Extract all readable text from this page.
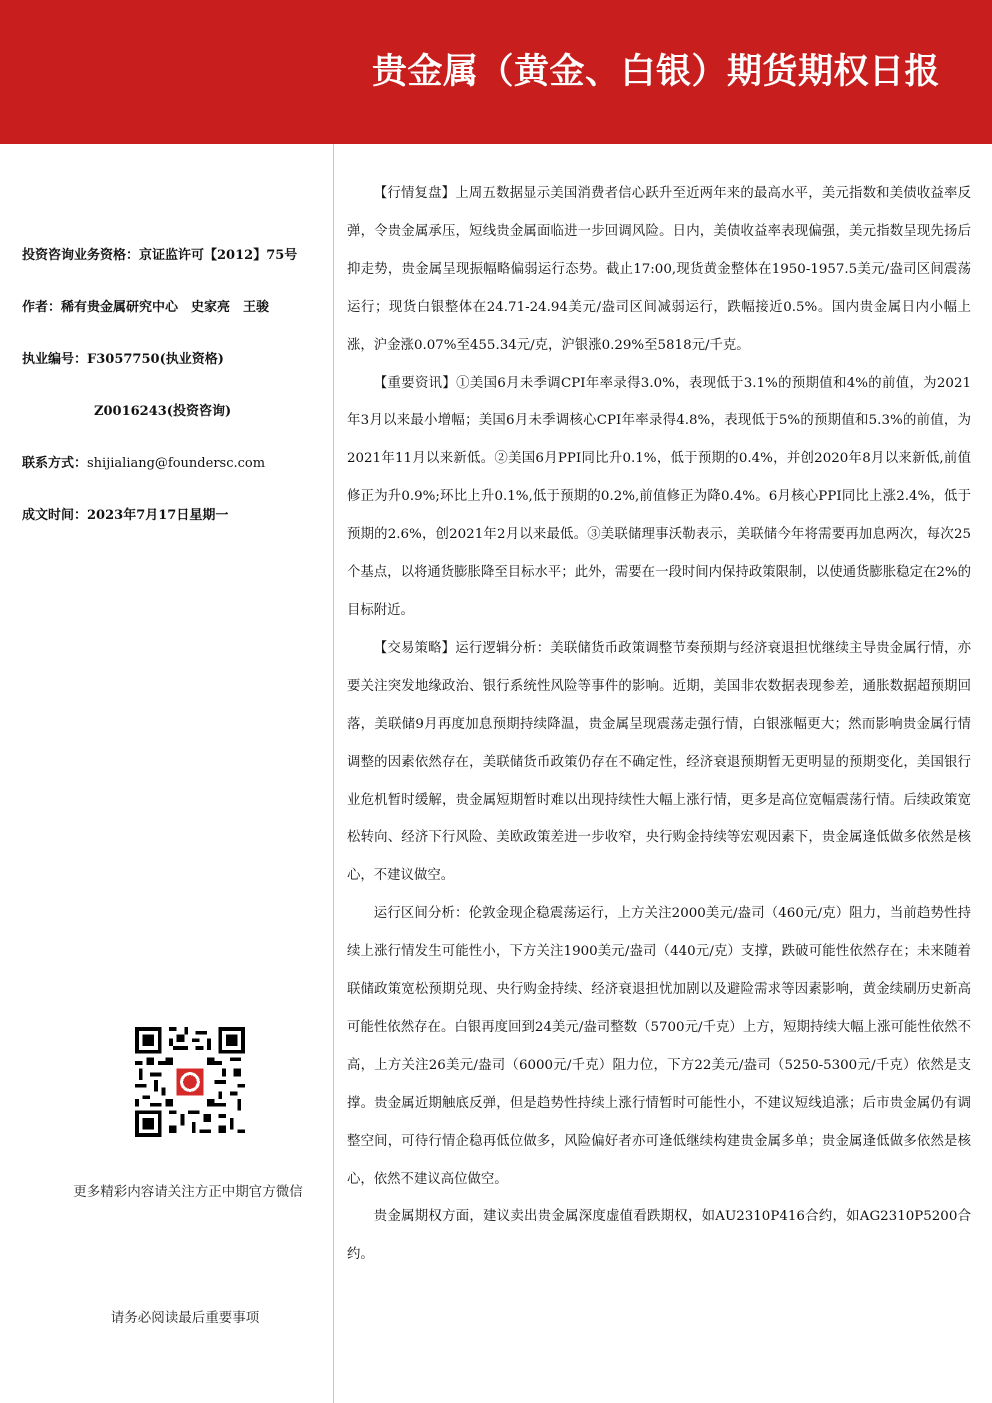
贵金属（黄金、白银）期货期权日报
投资咨询业务资格：京证监许可【2012】75号
作者：稀有贵金属研究中心　史家亮　王骏
执业编号：F3057750(执业资格)
Z0016243(投资咨询)
联系方式：shijialiang@foundersc.com
成文时间：2023年7月17日星期一
更多精彩内容请关注方正中期官方微信
请务必阅读最后重要事项

【行情复盘】上周五数据显示美国消费者信心跃升至近两年来的最高水平，美元指数和美债收益率反弹，令贵金属承压，短线贵金属面临进一步回调风险。日内，美债收益率表现偏强，美元指数呈现先扬后抑走势，贵金属呈现振幅略偏弱运行态势。截止17:00,现货黄金整体在1950-1957.5美元/盎司区间震荡运行；现货白银整体在24.71-24.94美元/盎司区间减弱运行，跌幅接近0.5%。国内贵金属日内小幅上涨，沪金涨0.07%至455.34元/克，沪银涨0.29%至5818元/千克。

【重要资讯】①美国6月未季调CPI年率录得3.0%，表现低于3.1%的预期值和4%的前值，为2021年3月以来最小增幅；美国6月未季调核心CPI年率录得4.8%，表现低于5%的预期值和5.3%的前值，为2021年11月以来新低。②美国6月PPI同比升0.1%，低于预期的0.4%，并创2020年8月以来新低,前值修正为升0.9%;环比上升0.1%,低于预期的0.2%,前值修正为降0.4%。6月核心PPI同比上涨2.4%，低于预期的2.6%，创2021年2月以来最低。③美联储理事沃勒表示，美联储今年将需要再加息两次，每次25个基点，以将通货膨胀降至目标水平；此外，需要在一段时间内保持政策限制，以使通货膨胀稳定在2%的目标附近。

【交易策略】运行逻辑分析：美联储货币政策调整节奏预期与经济衰退担忧继续主导贵金属行情，亦要关注突发地缘政治、银行系统性风险等事件的影响。近期，美国非农数据表现参差，通胀数据超预期回落，美联储9月再度加息预期持续降温，贵金属呈现震荡走强行情，白银涨幅更大；然而影响贵金属行情调整的因素依然存在，美联储货币政策仍存在不确定性，经济衰退预期暂无更明显的预期变化，美国银行业危机暂时缓解，贵金属短期暂时难以出现持续性大幅上涨行情，更多是高位宽幅震荡行情。后续政策宽松转向、经济下行风险、美欧政策差进一步收窄，央行购金持续等宏观因素下，贵金属逢低做多依然是核心，不建议做空。

运行区间分析：伦敦金现企稳震荡运行，上方关注2000美元/盎司（460元/克）阻力，当前趋势性持续上涨行情发生可能性小，下方关注1900美元/盎司（440元/克）支撑，跌破可能性依然存在；未来随着联储政策宽松预期兑现、央行购金持续、经济衰退担忧加剧以及避险需求等因素影响，黄金续刷历史新高可能性依然存在。白银再度回到24美元/盎司整数（5700元/千克）上方，短期持续大幅上涨可能性依然不高，上方关注26美元/盎司（6000元/千克）阻力位，下方22美元/盎司（5250-5300元/千克）依然是支撑。贵金属近期触底反弹，但是趋势性持续上涨行情暂时可能性小，不建议短线追涨；后市贵金属仍有调整空间，可待行情企稳再低位做多，风险偏好者亦可逢低继续构建贵金属多单；贵金属逢低做多依然是核心，依然不建议高位做空。

贵金属期权方面，建议卖出贵金属深度虚值看跌期权，如AU2310P416合约，如AG2310P5200合约。
